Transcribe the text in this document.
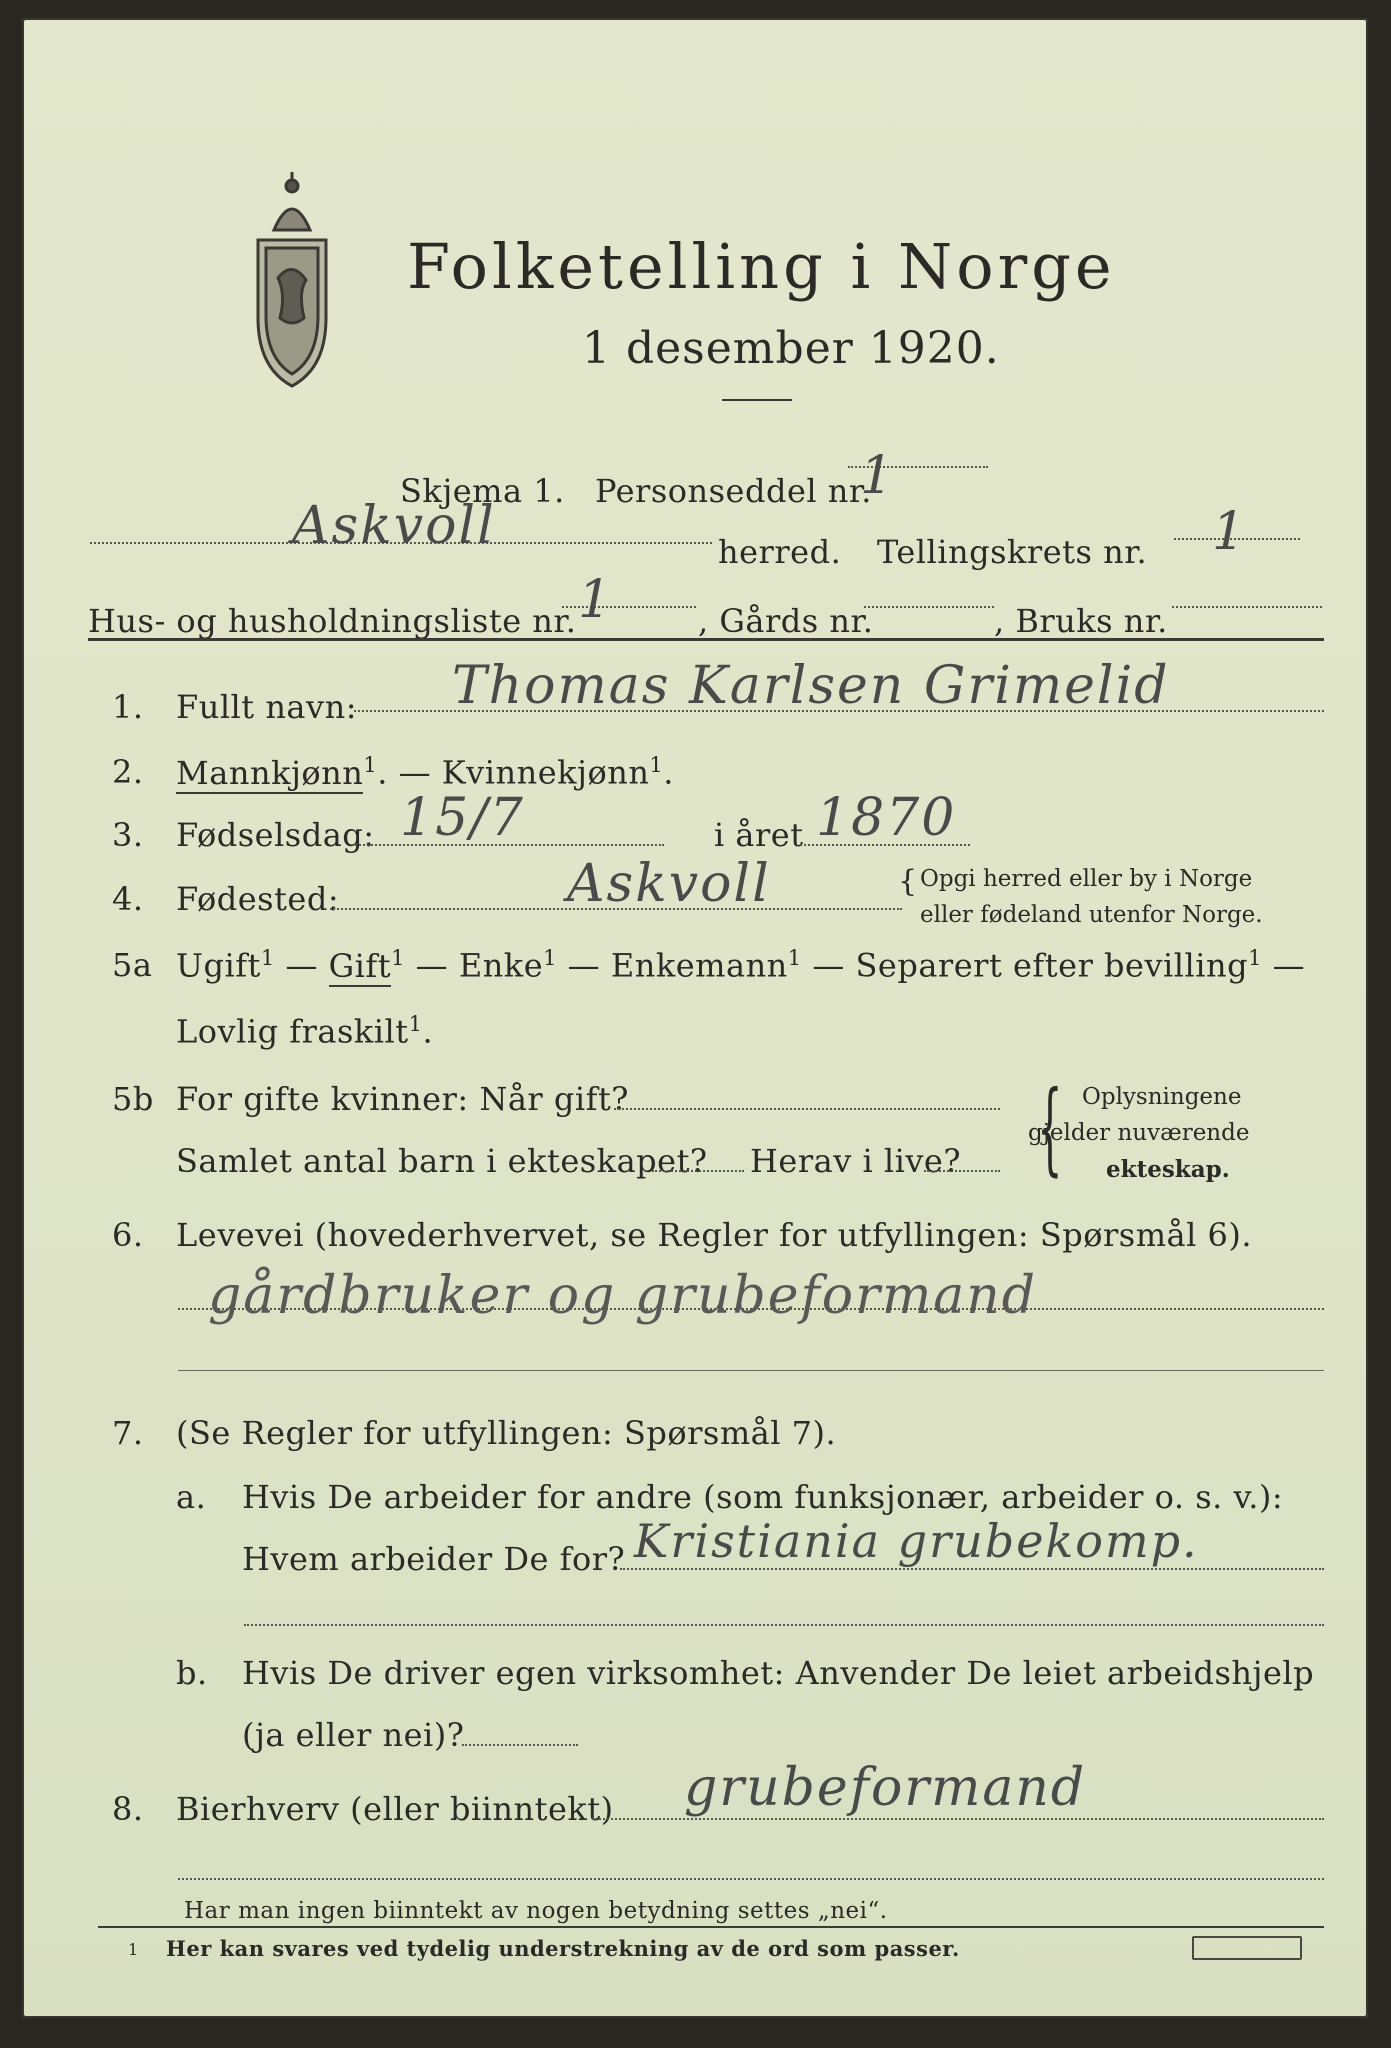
Folketelling i Norge
1 desember 1920.
Skjema 1. Personseddel nr.
1
Askvoll	herred. Tellingskrets nr. 1
Hus- og husholdningsliste nr. 1	, Gårds nr.	, Bruks nr.
1. Fullt navn: Thomas Karlsen Grimelid
2. Mannkjønn$^1$. — Kvinnekjønn$^1$.
3. Fødselsdag: 15/7	i året 1870
4. Fødested:	Askvoll	{ Opgi herred eller by i Norge
eller fødeland utenfor Norge.
5a Ugift$^1$ — Gift$^1$ — Enke$^1$ — Enkemann$^1$ — Separert efter bevilling$^1$ —
Lovlig fraskilt$^1$.
5b For gifte kvinner: Når gift?
Samlet antal barn i ekteskapet? Herav i live? { Oplysningene
gjelder nuværende
ekteskap.
6. Levevei (hovederhvervet, se Regler for utfyllingen: Spørsmål 6).
gårdbruker og grubeformand
7. (Se Regler for utfyllingen: Spørsmål 7).
a. Hvis De arbeider for andre (som funksjonær, arbeider o. s. v.):
Hvem arbeider De for? Kristiania grubekomp.
b. Hvis De driver egen virksomhet: Anvender De leiet arbeidshjelp
(ja eller nei)?
8. Bierhverv (eller biinntekt) grubeformand
Har man ingen biinntekt av nogen betydning settes „nei“.
1 Her kan svares ved tydelig understrekning av de ord som passer.
